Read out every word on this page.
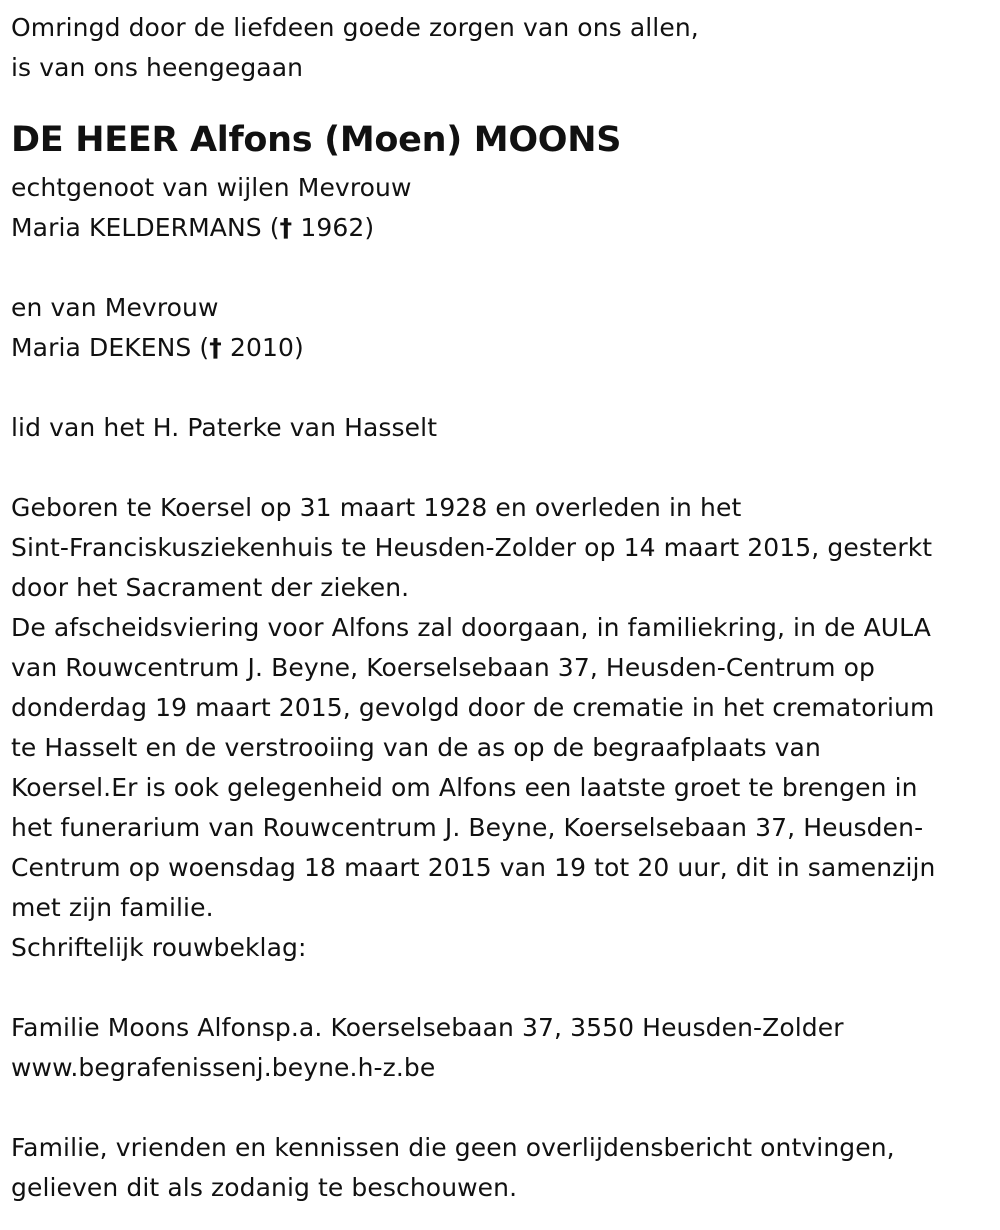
Omringd door de liefdeen goede zorgen van ons allen,
is van ons heengegaan
DE HEER Alfons (Moen) MOONS
echtgenoot van wijlen Mevrouw
Maria KELDERMANS († 1962)
en van Mevrouw
Maria DEKENS († 2010)
lid van het H. Paterke van Hasselt
Geboren te Koersel op 31 maart 1928 en overleden in het
Sint-Franciskusziekenhuis te Heusden-Zolder op 14 maart 2015, gesterkt
door het Sacrament der zieken.
De afscheidsviering voor Alfons zal doorgaan, in familiekring, in de AULA
van Rouwcentrum J. Beyne, Koerselsebaan 37, Heusden-Centrum op
donderdag 19 maart 2015, gevolgd door de crematie in het crematorium
te Hasselt en de verstrooiing van de as op de begraafplaats van
Koersel.Er is ook gelegenheid om Alfons een laatste groet te brengen in
het funerarium van Rouwcentrum J. Beyne, Koerselsebaan 37, Heusden-
Centrum op woensdag 18 maart 2015 van 19 tot 20 uur, dit in samenzijn
met zijn familie.
Schriftelijk rouwbeklag:
Familie Moons Alfonsp.a. Koerselsebaan 37, 3550 Heusden-Zolder
www.begrafenissenj.beyne.h-z.be
Familie, vrienden en kennissen die geen overlijdensbericht ontvingen,
gelieven dit als zodanig te beschouwen.
